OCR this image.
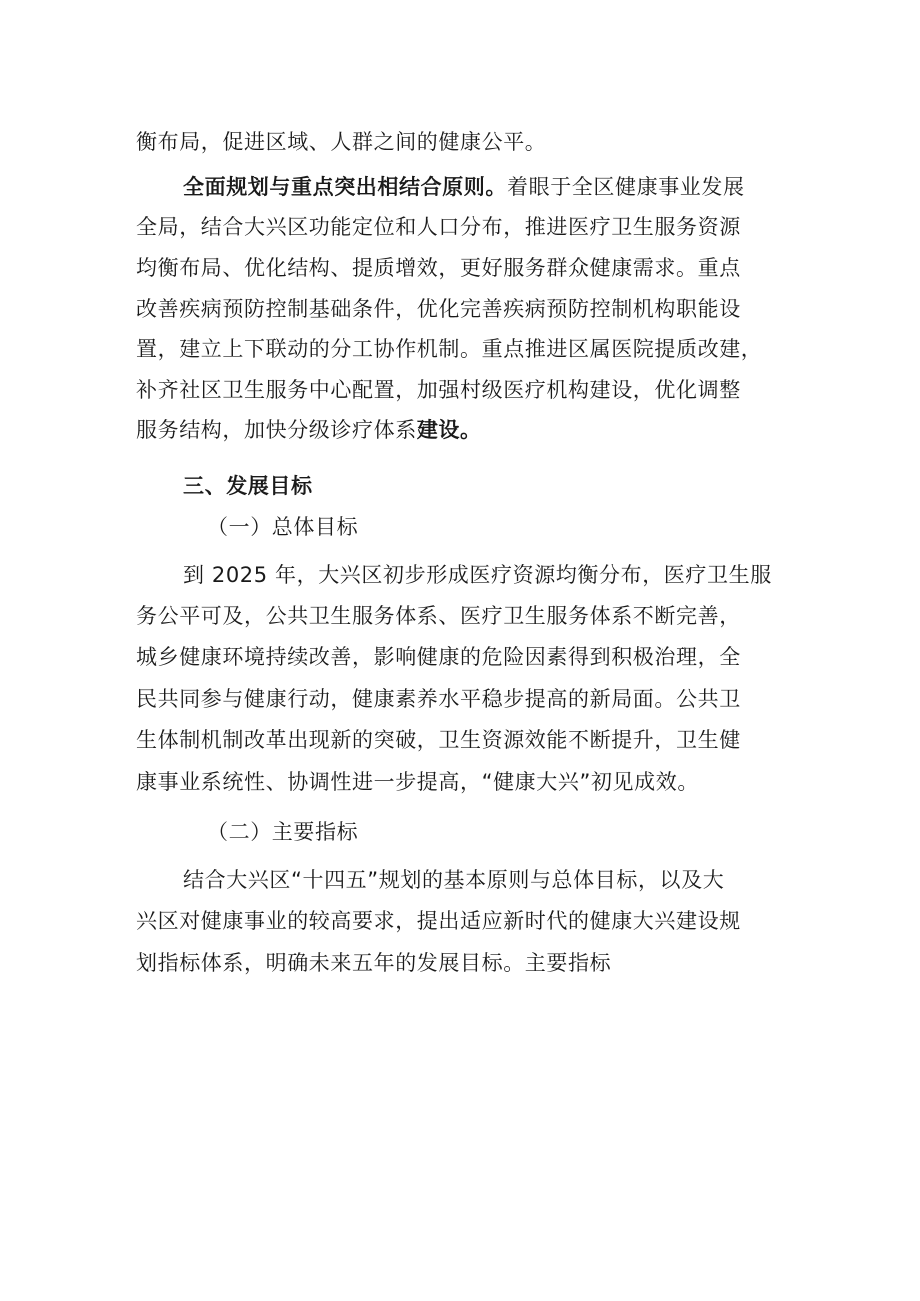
衡布局，促进区域、人群之间的健康公平。
全面规划与重点突出相结合原则。着眼于全区健康事业发展
全局，结合大兴区功能定位和人口分布，推进医疗卫生服务资源
均衡布局、优化结构、提质增效，更好服务群众健康需求。重点
改善疾病预防控制基础条件，优化完善疾病预防控制机构职能设
置，建立上下联动的分工协作机制。重点推进区属医院提质改建，
补齐社区卫生服务中心配置，加强村级医疗机构建设，优化调整
服务结构，加快分级诊疗体系建设。
三、发展目标
（一）总体目标
到 2025 年，大兴区初步形成医疗资源均衡分布，医疗卫生服
务公平可及，公共卫生服务体系、医疗卫生服务体系不断完善，
城乡健康环境持续改善，影响健康的危险因素得到积极治理，全
民共同参与健康行动，健康素养水平稳步提高的新局面。公共卫
生体制机制改革出现新的突破，卫生资源效能不断提升，卫生健
康事业系统性、协调性进一步提高，“健康大兴”初见成效。
（二）主要指标
结合大兴区“十四五”规划的基本原则与总体目标，以及大
兴区对健康事业的较高要求，提出适应新时代的健康大兴建设规
划指标体系，明确未来五年的发展目标。主要指标
